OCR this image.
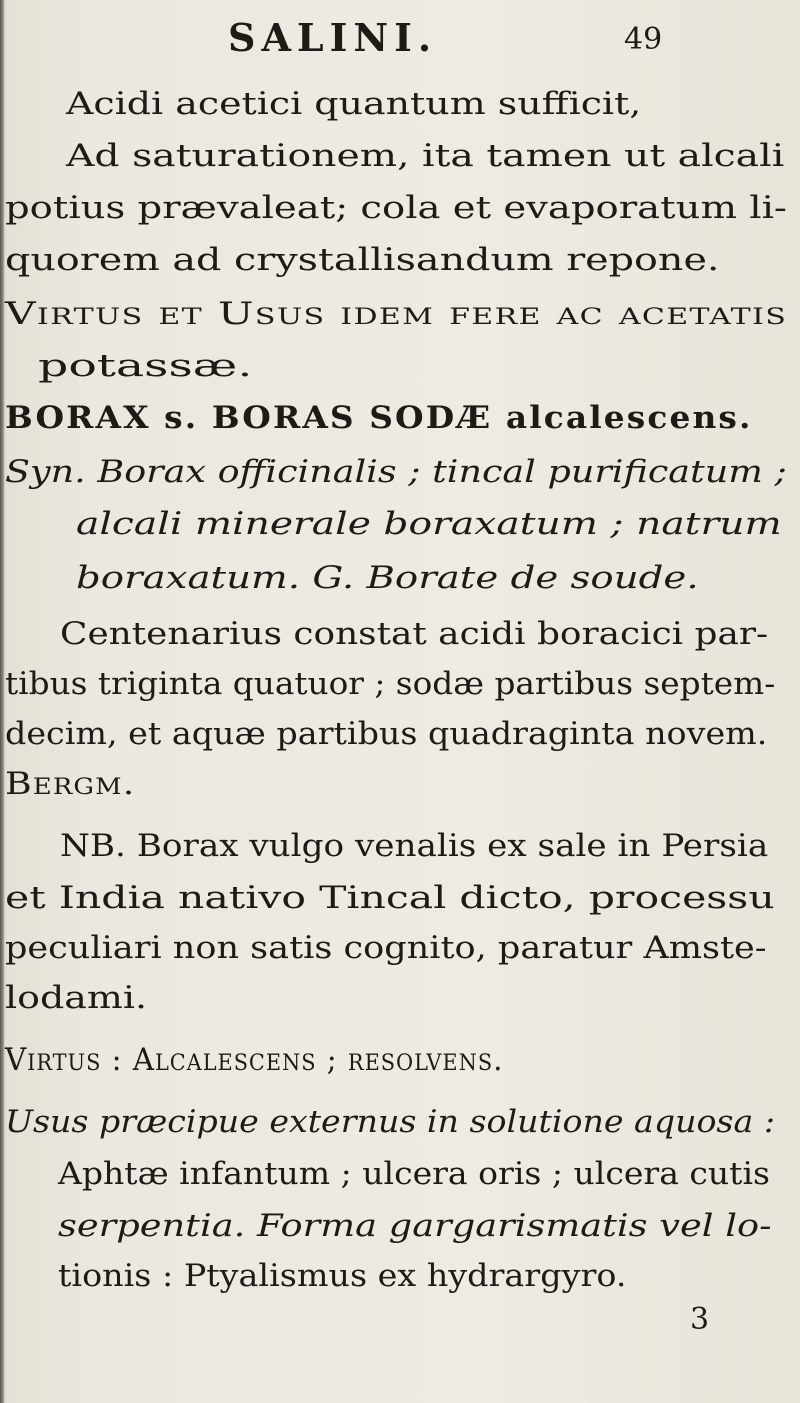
SALINI.	49
Acidi acetici quantum sufficit,
Ad saturationem, ita tamen ut alcali
potius prævaleat; cola et evaporatum li-
quorem ad crystallisandum repone.
Virtus et Usus idem fere ac acetatis
potassæ.
BORAX s. BORAS SODÆ alcalescens.
Syn. Borax officinalis ; tincal purificatum ;
alcali minerale boraxatum ; natrum
boraxatum. G. Borate de soude.
Centenarius constat acidi boracici par-
tibus triginta quatuor ; sodæ partibus septem-
decim, et aquæ partibus quadraginta novem.
Bergm.
NB. Borax vulgo venalis ex sale in Persia
et India nativo Tincal dicto, processu
peculiari non satis cognito, paratur Amste-
lodami.
Virtus : Alcalescens ; resolvens.
Usus præcipue externus in solutione aquosa :
Aphtæ infantum ; ulcera oris ; ulcera cutis
serpentia. Forma gargarismatis vel lo-
tionis : Ptyalismus ex hydrargyro.
3
